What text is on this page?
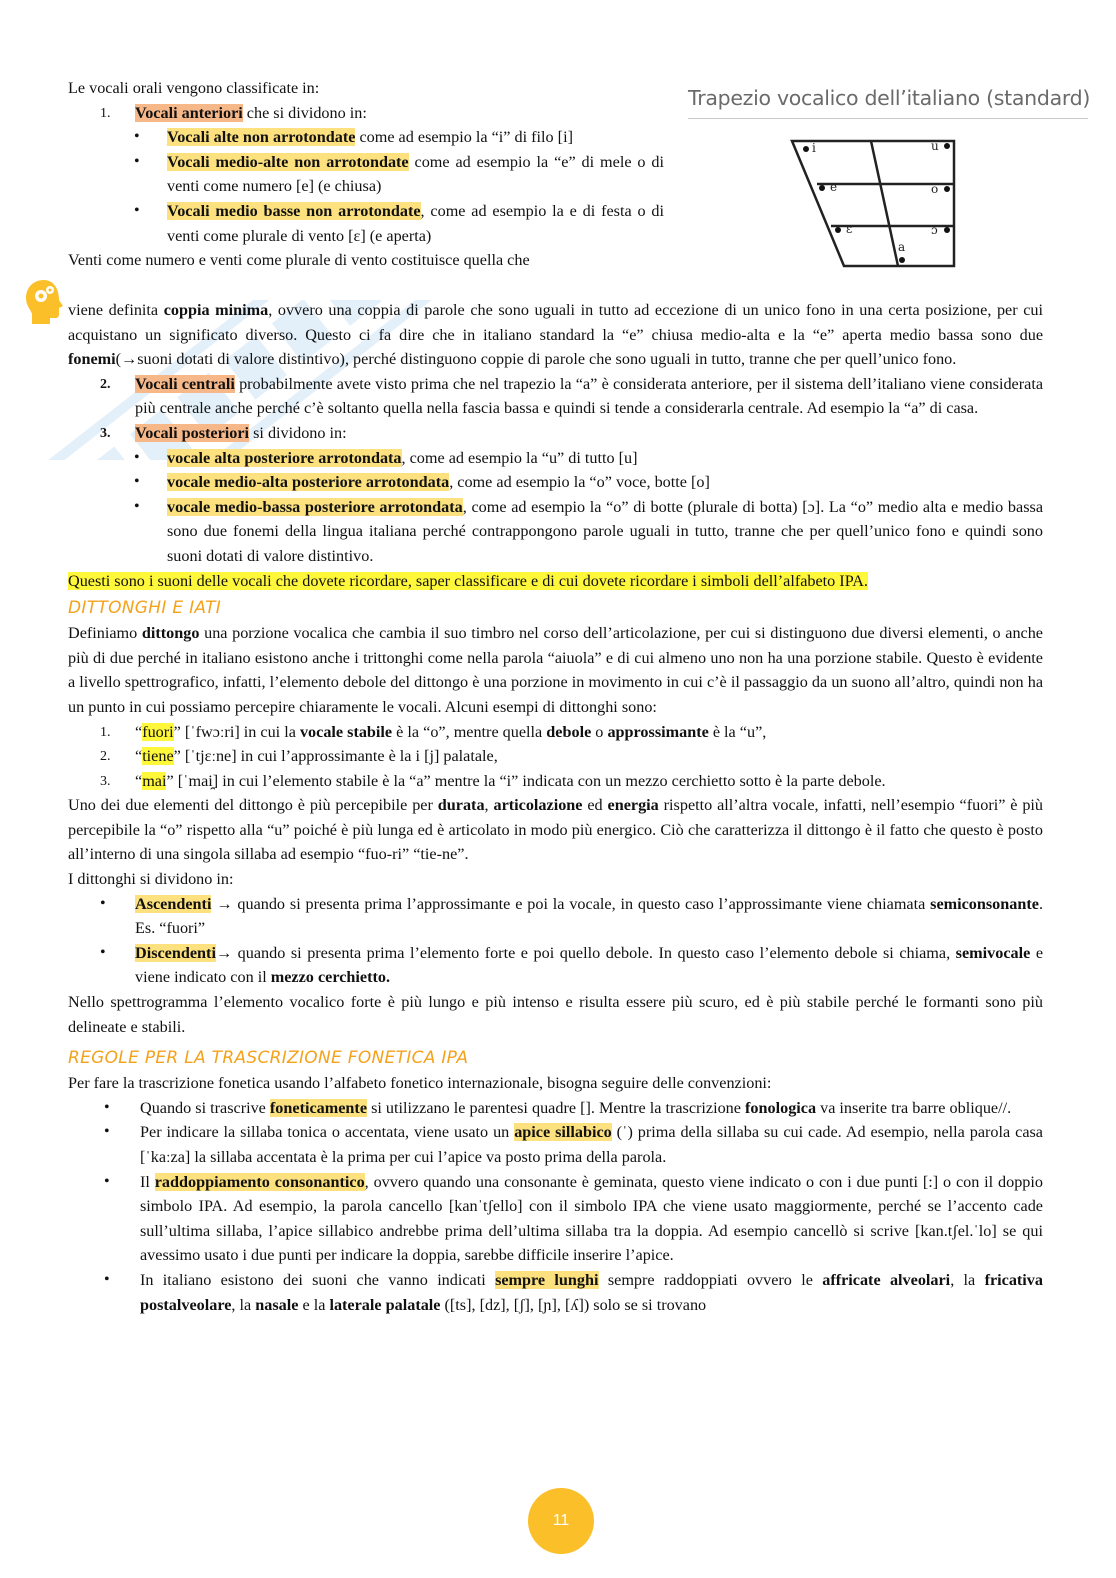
Trapezio vocalico dell’italiano (standard)
i	u
e	o
ɛ	ɔ
a
Le vocali orali vengono classificate in:
1. Vocali anteriori che si dividono in:
• Vocali alte non arrotondate come ad esempio la “i” di filo [i]
• Vocali medio-alte non arrotondate come ad esempio la “e” di mele o di venti come numero [e] (e chiusa)
• Vocali medio basse non arrotondate, come ad esempio la e di festa o di venti come plurale di vento [ɛ] (e aperta)
Venti come numero e venti come plurale di vento costituisce quella che

viene definita coppia minima, ovvero una coppia di parole che sono uguali in tutto ad eccezione di un unico fono in una certa posizione, per cui acquistano un significato diverso. Questo ci fa dire che in italiano standard la “e” chiusa medio-alta e la “e” aperta medio bassa sono due fonemi(→suoni dotati di valore distintivo), perché distinguono coppie di parole che sono uguali in tutto, tranne che per quell’unico fono.

2. Vocali centrali probabilmente avete visto prima che nel trapezio la “a” è considerata anteriore, per il sistema dell’italiano viene considerata più centrale anche perché c’è soltanto quella nella fascia bassa e quindi si tende a considerarla centrale. Ad esempio la “a” di casa.
3. Vocali posteriori si dividono in:
• vocale alta posteriore arrotondata, come ad esempio la “u” di tutto [u]
• vocale medio-alta posteriore arrotondata, come ad esempio la “o” voce, botte [o]
• vocale medio-bassa posteriore arrotondata, come ad esempio la “o” di botte (plurale di botta) [ɔ]. La “o” medio alta e medio bassa sono due fonemi della lingua italiana perché contrappongono parole uguali in tutto, tranne che per quell’unico fono e quindi sono suoni dotati di valore distintivo.

Questi sono i suoni delle vocali che dovete ricordare, saper classificare e di cui dovete ricordare i simboli dell’alfabeto IPA.

DITTONGHI E IATI

Definiamo dittongo una porzione vocalica che cambia il suo timbro nel corso dell’articolazione, per cui si distinguono due diversi elementi, o anche più di due perché in italiano esistono anche i trittonghi come nella parola “aiuola” e di cui almeno uno non ha una porzione stabile. Questo è evidente a livello spettrografico, infatti, l’elemento debole del dittongo è una porzione in movimento in cui c’è il passaggio da un suono all’altro, quindi non ha un punto in cui possiamo percepire chiaramente le vocali. Alcuni esempi di dittonghi sono:

1. “fuori” [ˈfwɔːri] in cui la vocale stabile è la “o”, mentre quella debole o approssimante è la “u”,
2. “tiene” [ˈtjɛːne] in cui l’approssimante è la i [j] palatale,
3. “mai” [ˈmai̯] in cui l’elemento stabile è la “a” mentre la “i” indicata con un mezzo cerchietto sotto è la parte debole.

Uno dei due elementi del dittongo è più percepibile per durata, articolazione ed energia rispetto all’altra vocale, infatti, nell’esempio “fuori” è più percepibile la “o” rispetto alla “u” poiché è più lunga ed è articolato in modo più energico. Ciò che caratterizza il dittongo è il fatto che questo è posto all’interno di una singola sillaba ad esempio “fuo-ri” “tie-ne”.

I dittonghi si dividono in:

• Ascendenti → quando si presenta prima l’approssimante e poi la vocale, in questo caso l’approssimante viene chiamata semiconsonante. Es. “fuori”
• Discendenti→ quando si presenta prima l’elemento forte e poi quello debole. In questo caso l’elemento debole si chiama, semivocale e viene indicato con il mezzo cerchietto.

Nello spettrogramma l’elemento vocalico forte è più lungo e più intenso e risulta essere più scuro, ed è più stabile perché le formanti sono più delineate e stabili.

REGOLE PER LA TRASCRIZIONE FONETICA IPA

Per fare la trascrizione fonetica usando l’alfabeto fonetico internazionale, bisogna seguire delle convenzioni:

• Quando si trascrive foneticamente si utilizzano le parentesi quadre []. Mentre la trascrizione fonologica va inserite tra barre oblique//.
• Per indicare la sillaba tonica o accentata, viene usato un apice sillabico (ˈ) prima della sillaba su cui cade. Ad esempio, nella parola casa [ˈkaːza] la sillaba accentata è la prima per cui l’apice va posto prima della parola.
• Il raddoppiamento consonantico, ovvero quando una consonante è geminata, questo viene indicato o con i due punti [:] o con il doppio simbolo IPA. Ad esempio, la parola cancello [kanˈtʃello] con il simbolo IPA che viene usato maggiormente, perché se l’accento cade sull’ultima sillaba, l’apice sillabico andrebbe prima dell’ultima sillaba tra la doppia. Ad esempio cancellò si scrive [kan.tʃel.ˈlo] se qui avessimo usato i due punti per indicare la doppia, sarebbe difficile inserire l’apice.
• In italiano esistono dei suoni che vanno indicati sempre lunghi sempre raddoppiati ovvero le affricate alveolari, la fricativa postalveolare, la nasale e la laterale palatale ([ts], [dz], [ʃ], [ɲ], [ʎ]) solo se si trovano
11
